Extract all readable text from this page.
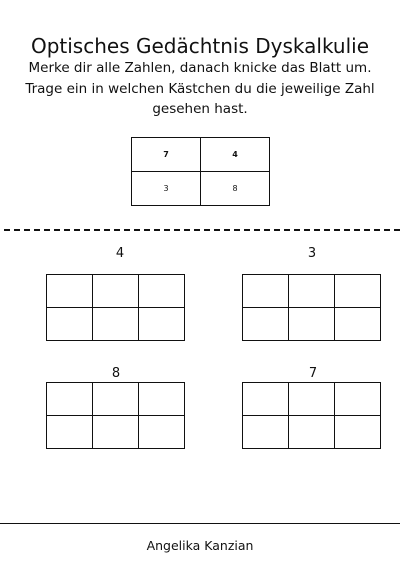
Optisches Gedächtnis Dyskalkulie
Merke dir alle Zahlen, danach knicke das Blatt um.
Trage ein in welchen Kästchen du die jeweilige Zahl
gesehen hast.
7	4
3	8
4

			3

8

			7

Angelika Kanzian
